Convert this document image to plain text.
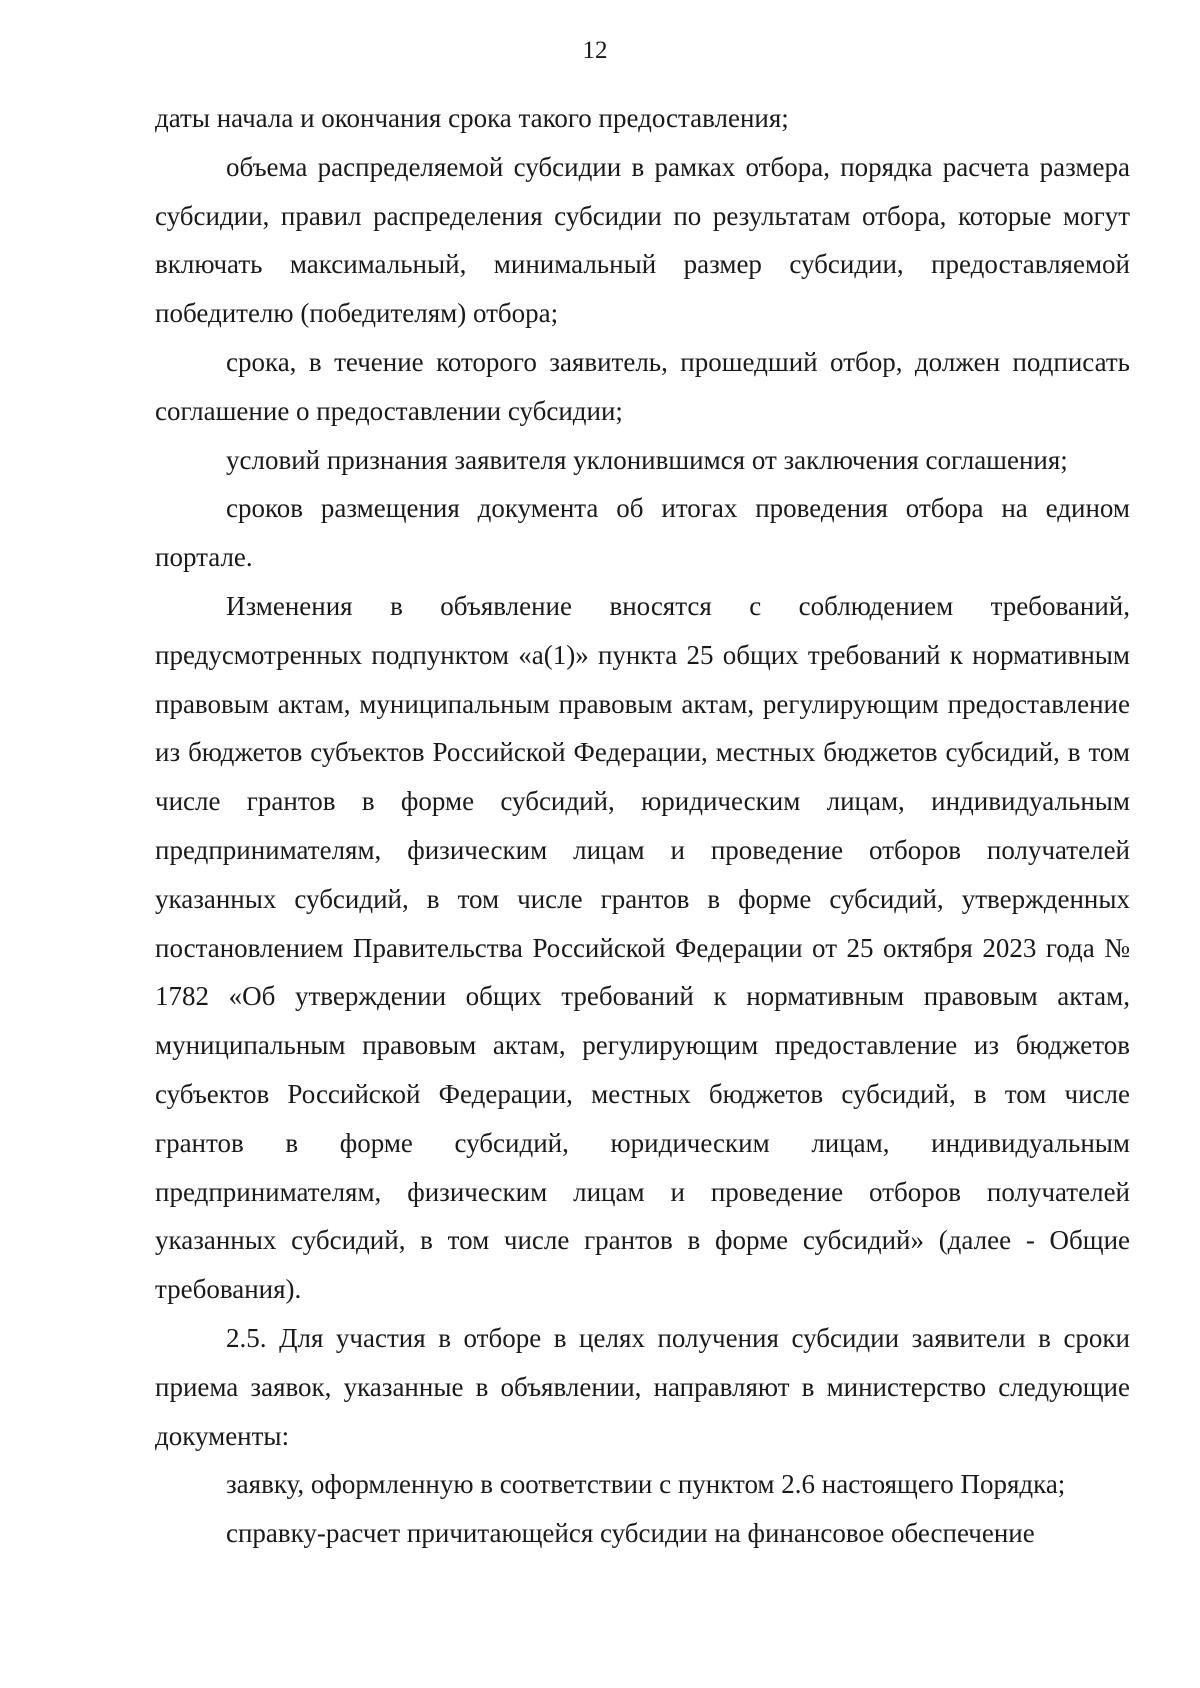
12

даты начала и окончания срока такого предоставления;

объема распределяемой субсидии в рамках отбора, порядка расчета размера субсидии, правил распределения субсидии по результатам отбора, которые могут включать максимальный, минимальный размер субсидии, предоставляемой победителю (победителям) отбора;

срока, в течение которого заявитель, прошедший отбор, должен подписать соглашение о предоставлении субсидии;

условий признания заявителя уклонившимся от заключения соглашения;

сроков размещения документа об итогах проведения отбора на едином портале.

Изменения в объявление вносятся с соблюдением требований, предусмотренных подпунктом «а(1)» пункта 25 общих требований к нормативным правовым актам, муниципальным правовым актам, регулирующим предоставление из бюджетов субъектов Российской Федерации, местных бюджетов субсидий, в том числе грантов в форме субсидий, юридическим лицам, индивидуальным предпринимателям, физическим лицам и проведение отборов получателей указанных субсидий, в том числе грантов в форме субсидий, утвержденных постановлением Правительства Российской Федерации от 25 октября 2023 года № 1782 «Об утверждении общих требований к нормативным правовым актам, муниципальным правовым актам, регулирующим предоставление из бюджетов субъектов Российской Федерации, местных бюджетов субсидий, в том числе грантов в форме субсидий, юридическим лицам, индивидуальным предпринимателям, физическим лицам и проведение отборов получателей указанных субсидий, в том числе грантов в форме субсидий» (далее - Общие требования).

2.5. Для участия в отборе в целях получения субсидии заявители в сроки приема заявок, указанные в объявлении, направляют в министерство следующие документы:

заявку, оформленную в соответствии с пунктом 2.6 настоящего Порядка;

справку-расчет причитающейся субсидии на финансовое обеспечение
